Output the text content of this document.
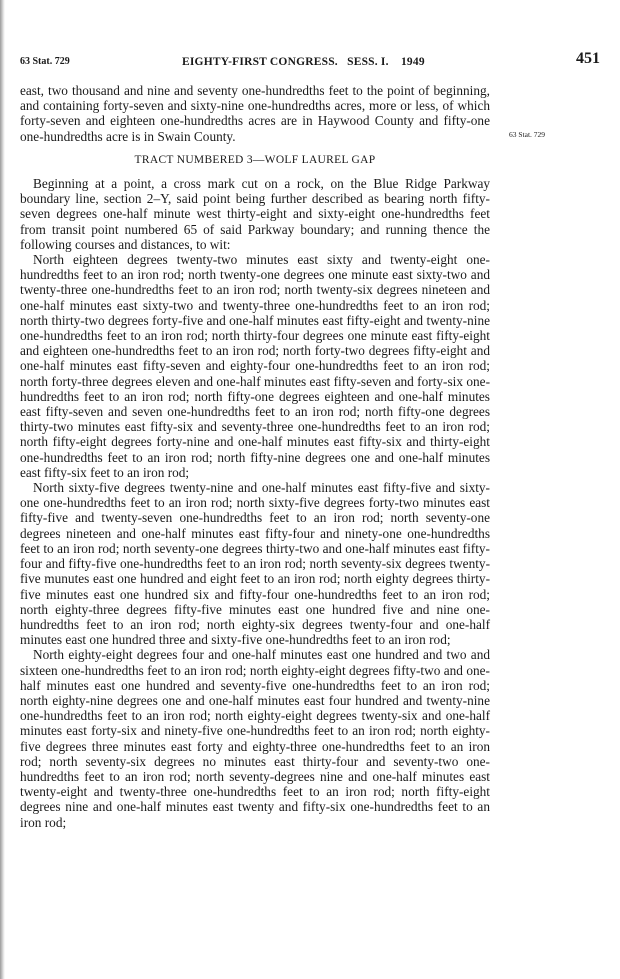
63 Stat. 729	EIGHTY-FIRST CONGRESS. SESS. I. 1949	451

east, two thousand and nine and seventy one-hundredths feet to the point of beginning, and containing forty-seven and sixty-nine one-hundredths acres, more or less, of which forty-seven and eighteen one-hundredths acres are in Haywood County and fifty-one one-hundredths acre is in Swain County.

TRACT NUMBERED 3—WOLF LAUREL GAP

Beginning at a point, a cross mark cut on a rock, on the Blue Ridge Parkway boundary line, section 2–Y, said point being further described as bearing north fifty-seven degrees one-half minute west thirty-eight and sixty-eight one-hundredths feet from transit point numbered 65 of said Parkway boundary; and running thence the following courses and distances, to wit:

North eighteen degrees twenty-two minutes east sixty and twenty-eight one-hundredths feet to an iron rod; north twenty-one degrees one minute east sixty-two and twenty-three one-hundredths feet to an iron rod; north twenty-six degrees nineteen and one-half minutes east sixty-two and twenty-three one-hundredths feet to an iron rod; north thirty-two degrees forty-five and one-half minutes east fifty-eight and twenty-nine one-hundredths feet to an iron rod; north thirty-four degrees one minute east fifty-eight and eighteen one-hundredths feet to an iron rod; north forty-two degrees fifty-eight and one-half minutes east fifty-seven and eighty-four one-hundredths feet to an iron rod; north forty-three degrees eleven and one-half minutes east fifty-seven and forty-six one-hundredths feet to an iron rod; north fifty-one degrees eighteen and one-half minutes east fifty-seven and seven one-hundredths feet to an iron rod; north fifty-one degrees thirty-two minutes east fifty-six and seventy-three one-hundredths feet to an iron rod; north fifty-eight degrees forty-nine and one-half minutes east fifty-six and thirty-eight one-hundredths feet to an iron rod; north fifty-nine degrees one and one-half minutes east fifty-six feet to an iron rod;

North sixty-five degrees twenty-nine and one-half minutes east fifty-five and sixty-one one-hundredths feet to an iron rod; north sixty-five degrees forty-two minutes east fifty-five and twenty-seven one-hundredths feet to an iron rod; north seventy-one degrees nineteen and one-half minutes east fifty-four and ninety-one one-hundredths feet to an iron rod; north seventy-one degrees thirty-two and one-half minutes east fifty-four and fifty-five one-hundredths feet to an iron rod; north seventy-six degrees twenty-five munutes east one hundred and eight feet to an iron rod; north eighty degrees thirty-five minutes east one hundred six and fifty-four one-hundredths feet to an iron rod; north eighty-three degrees fifty-five minutes east one hundred five and nine one-hundredths feet to an iron rod; north eighty-six degrees twenty-four and one-half minutes east one hundred three and sixty-five one-hundredths feet to an iron rod;

North eighty-eight degrees four and one-half minutes east one hundred and two and sixteen one-hundredths feet to an iron rod; north eighty-eight degrees fifty-two and one-half minutes east one hundred and seventy-five one-hundredths feet to an iron rod; north eighty-nine degrees one and one-half minutes east four hundred and twenty-nine one-hundredths feet to an iron rod; north eighty-eight degrees twenty-six and one-half minutes east forty-six and ninety-five one-hundredths feet to an iron rod; north eighty-five degrees three minutes east forty and eighty-three one-hundredths feet to an iron rod; north seventy-six degrees no minutes east thirty-four and seventy-two one-hundredths feet to an iron rod; north seventy-degrees nine and one-half minutes east twenty-eight and twenty-three one-hundredths feet to an iron rod; north fifty-eight degrees nine and one-half minutes east twenty and fifty-six one-hundredths feet to an iron rod;

63 Stat. 729
